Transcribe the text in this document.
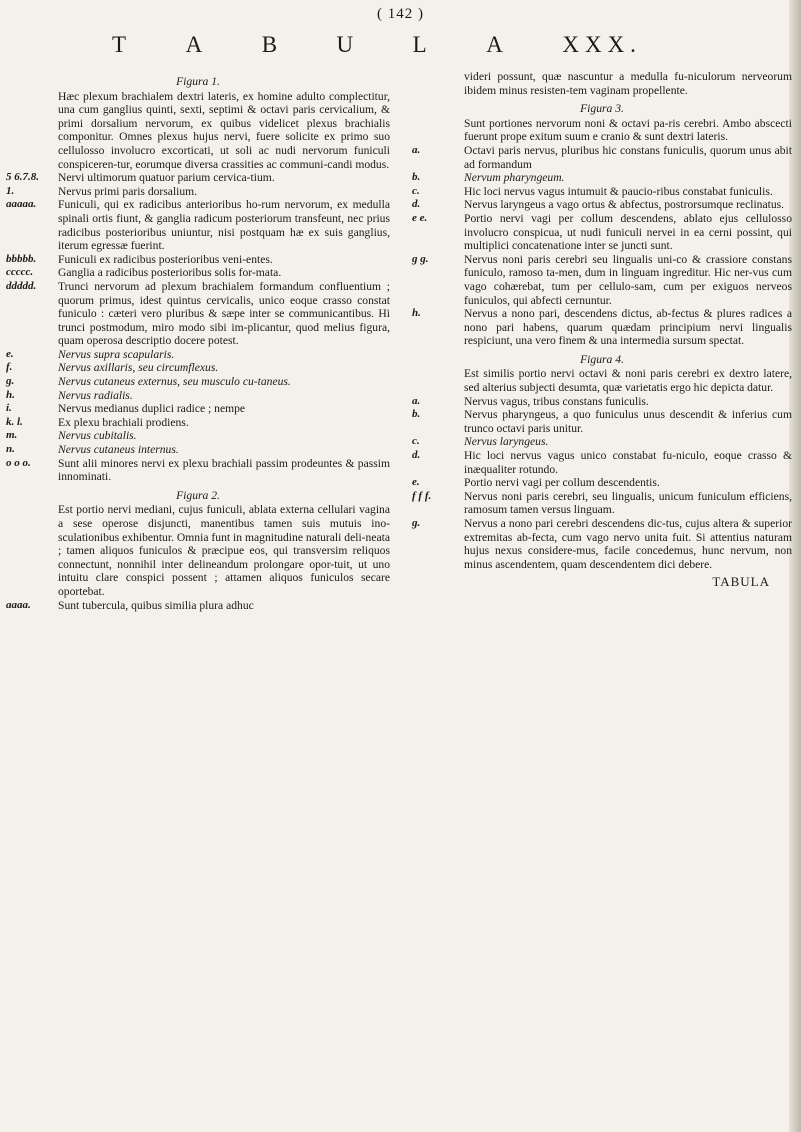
( 142 )
T A B U L A XXX.
Figura 1.
Hæc plexum brachialem dextri lateris, ex homine adulto complectitur, una cum ganglius quinti, sexti, septimi & octavi paris cervicalium, & primi dorsalium nervorum, ex quibus videlicet plexus brachialis componitur. Omnes plexus hujus nervi, fuere solicite ex primo suo cellulosso involucro excorticati, ut soli ac nudi nervorum funiculi conspiceren-tur, eorumque diversa crassities ac communi-candi modus.
5 6.7.8.	Nervi ultimorum quatuor parium cervica-tium.
1.	Nervus primi paris dorsalium.
aaaaa.	Funiculi, qui ex radicibus anterioribus ho-rum nervorum, ex medulla spinali ortis fiunt, & ganglia radicum posteriorum transfeunt, nec prius radicibus posterioribus uniuntur, nisi postquam hæ ex suis ganglius, iterum egressæ fuerint.
bbbbb.	Funiculi ex radicibus posterioribus veni-entes.
ccccc.	Ganglia a radicibus posterioribus solis for-mata.
ddddd.	Trunci nervorum ad plexum brachialem formandum confluentium ; quorum primus, idest quintus cervicalis, unico eoque crasso constat funiculo : cæteri vero pluribus & sæpe inter se communicantibus. Hi trunci postmodum, miro modo sibi im-plicantur, quod melius figura, quam operosa descriptio docere potest.
e.	Nervus supra scapularis.
f.	Nervus axillaris, seu circumflexus.
g.	Nervus cutaneus externus, seu musculo cu-taneus.
h.	Nervus radialis.
i.	Nervus medianus duplici radice ; nempe
k. l.	Ex plexu brachiali prodiens.
m.	Nervus cubitalis.
n.	Nervus cutaneus internus.
o o o.	Sunt alii minores nervi ex plexu brachiali passim prodeuntes & passim innominati.
Figura 2.
Est portio nervi mediani, cujus funiculi, ablata externa cellulari vagina a sese operose disjuncti, manentibus tamen suis mutuis ino-sculationibus exhibentur. Omnia funt in magnitudine naturali deli-neata ; tamen aliquos funiculos & præcipue eos, qui transversim reliquos connectunt, nonnihil inter delineandum prolongare opor-tuit, ut uno intuitu clare conspici possent ; attamen aliquos funiculos secare oportebat.
aaaa.	Sunt tubercula, quibus similia plura adhuc
videri possunt, quæ nascuntur a medulla fu-niculorum nerveorum ibidem minus resisten-tem vaginam propellente.
Figura 3.
Sunt portiones nervorum noni & octavi pa-ris cerebri. Ambo abscecti fuerunt prope exitum suum e cranio & sunt dextri lateris.
a.	Octavi paris nervus, pluribus hic constans funiculis, quorum unus abit ad formandum
b.	Nervum pharyngeum.
c.	Hic loci nervus vagus intumuit & paucio-ribus constabat funiculis.
d.	Nervus laryngeus a vago ortus & abfectus, postrorsumque reclinatus.
e e.	Portio nervi vagi per collum descendens, ablato ejus cellulosso involucro conspicua, ut nudi funiculi nervei in ea cerni possint, qui multiplici concatenatione inter se juncti sunt.
g g.	Nervus noni paris cerebri seu lingualis uni-co & crassiore constans funiculo, ramoso ta-men, dum in linguam ingreditur. Hic ner-vus cum vago cohærebat, tum per cellulo-sam, cum per exiguos nerveos funiculos, qui abfecti cernuntur.
h.	Nervus a nono pari, descendens dictus, ab-fectus & plures radices a nono pari habens, quarum quædam principium nervi lingualis respiciunt, una vero finem & una intermedia sursum spectat.
Figura 4.
Est similis portio nervi octavi & noni paris cerebri ex dextro latere, sed alterius subjecti desumta, quæ varietatis ergo hic depicta datur.
a.	Nervus vagus, tribus constans funiculis.
b.	Nervus pharyngeus, a quo funiculus unus descendit & inferius cum trunco octavi paris unitur.
c.	Nervus laryngeus.
d.	Hic loci nervus vagus unico constabat fu-niculo, eoque crasso & inæqualiter rotundo.
e.	Portio nervi vagi per collum descendentis.
f f f.	Nervus noni paris cerebri, seu lingualis, unicum funiculum efficiens, ramosum tamen versus linguam.
g.	Nervus a nono pari cerebri descendens dic-tus, cujus altera & superior extremitas ab-fecta, cum vago nervo unita fuit. Si attentius naturam hujus nexus considere-mus, facile concedemus, hunc nervum, non minus ascendentem, quam descendentem dici debere.
TABULA
